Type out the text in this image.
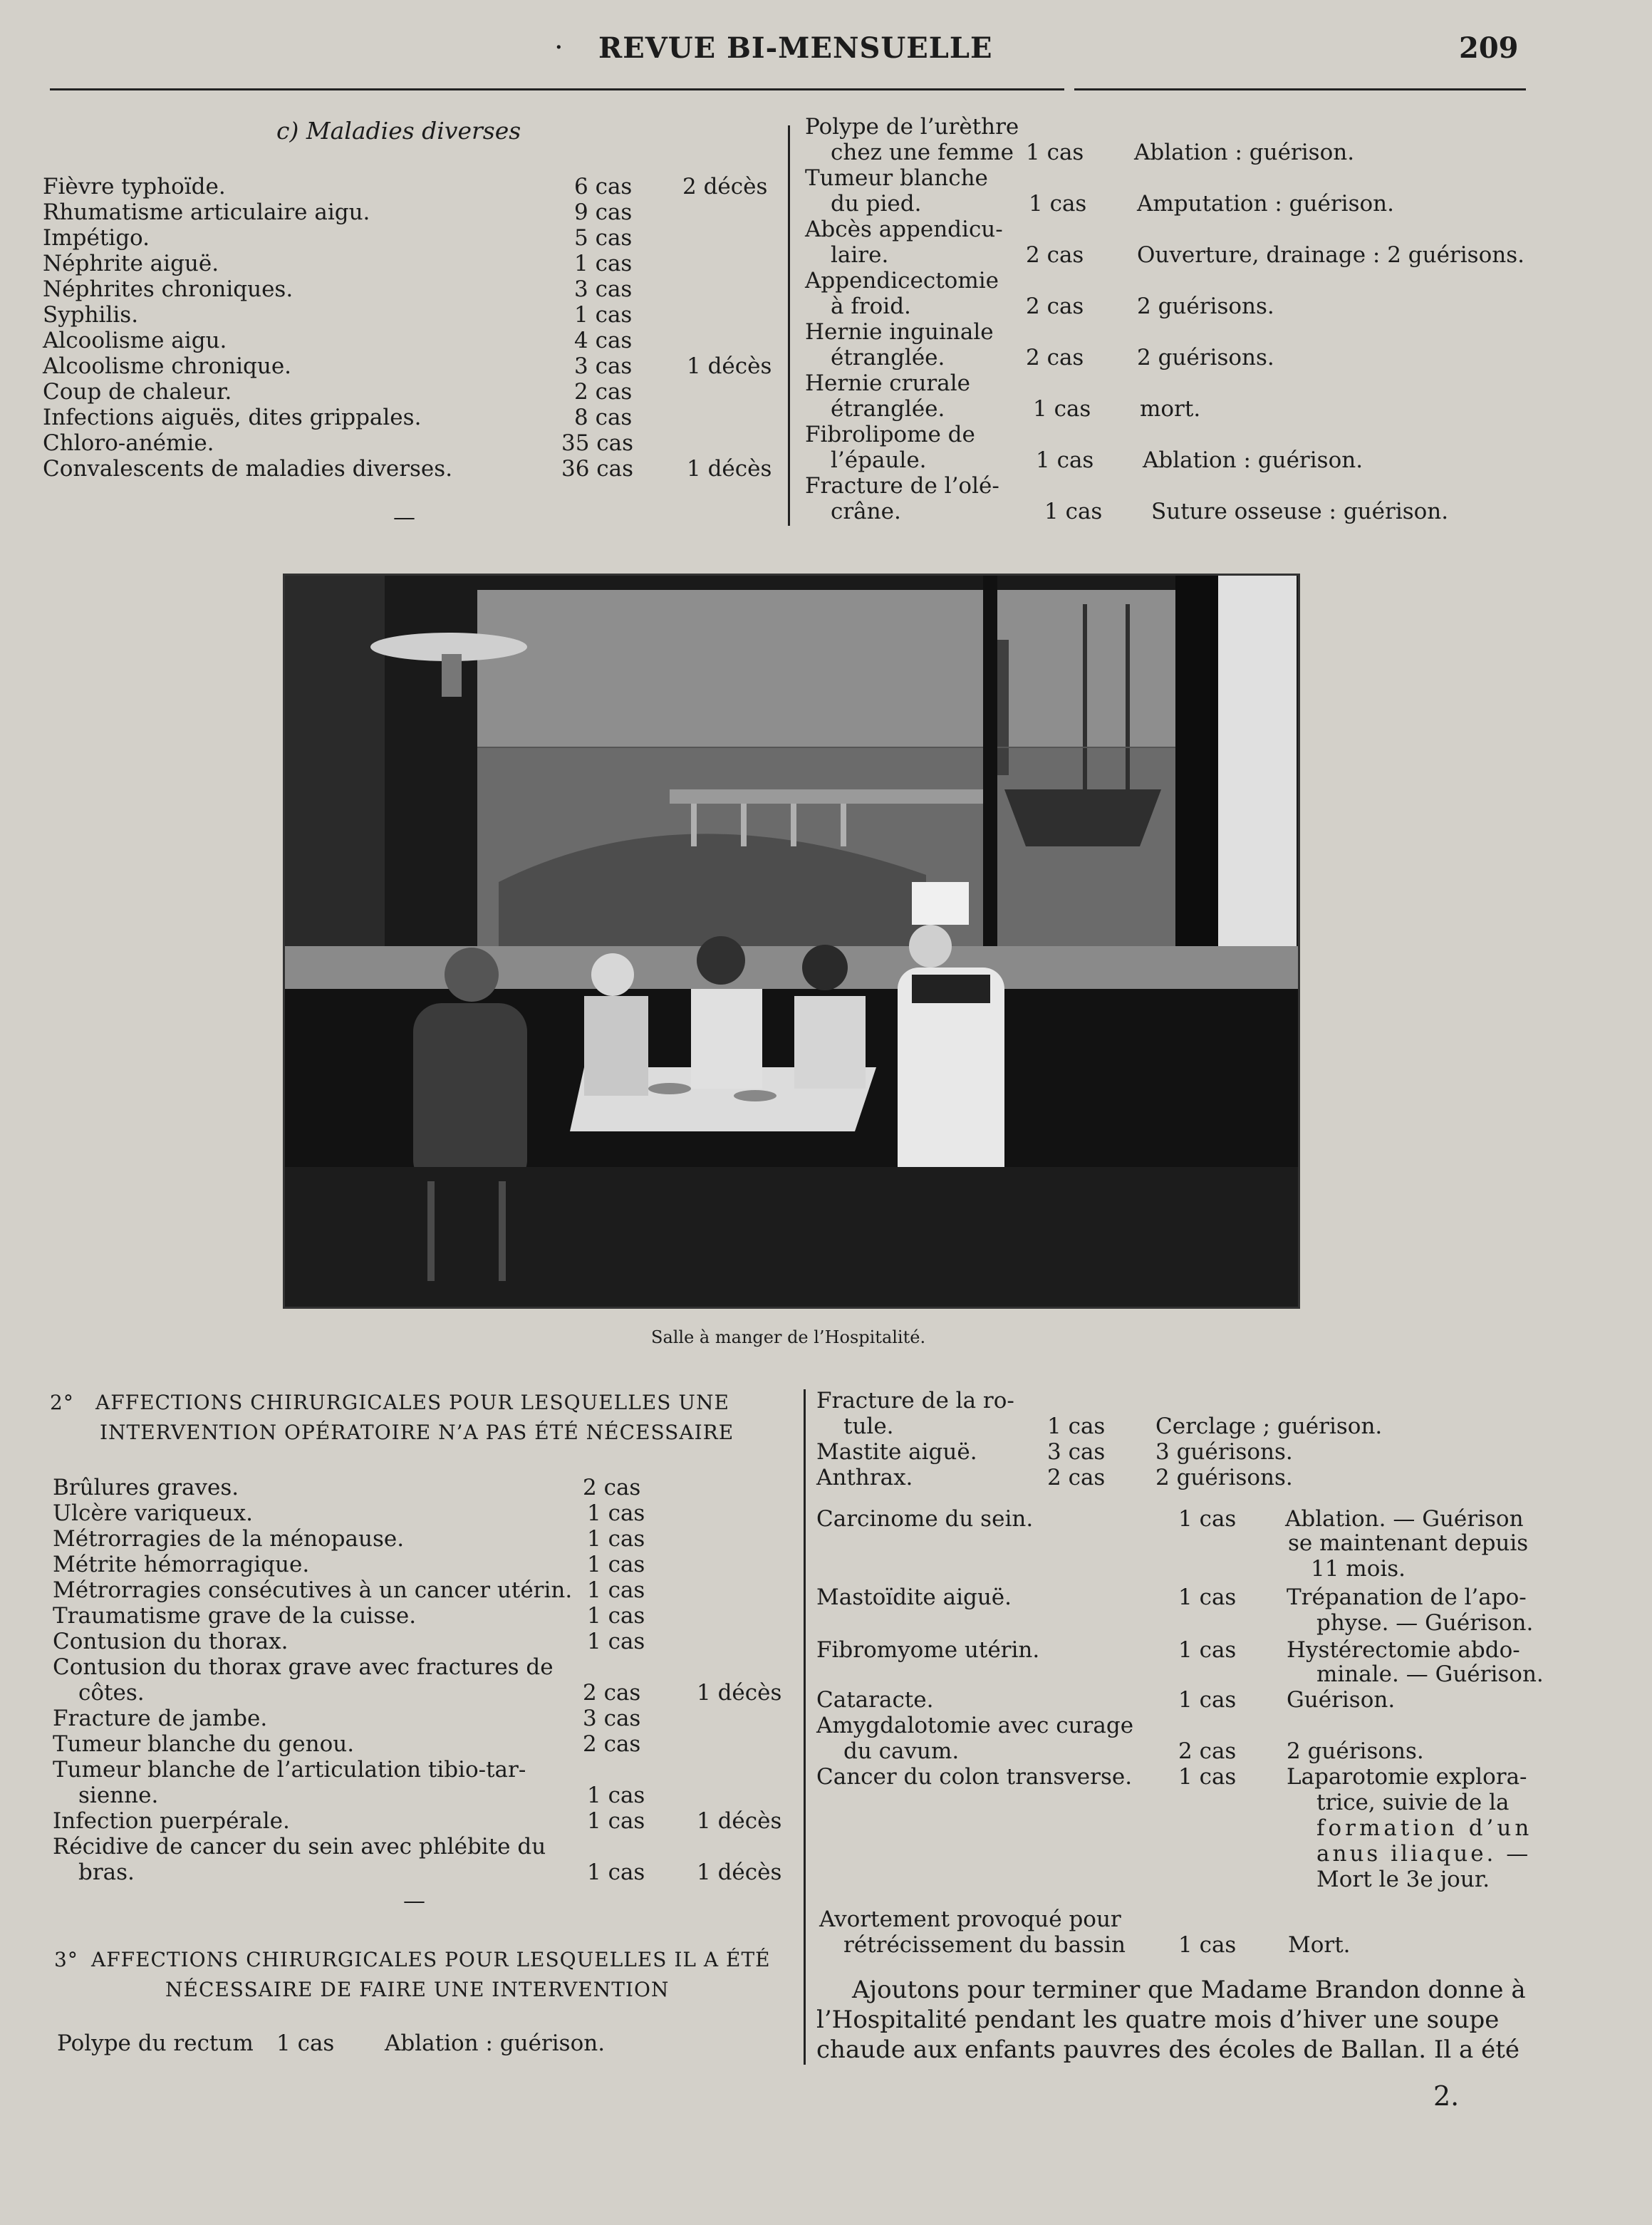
· REVUE BI-MENSUELLE	209
c) Maladies diverses
Fièvre typhoïde.	6 cas 2 décès
Rhumatisme articulaire aigu.	9 cas
Impétigo.	5 cas
Néphrite aiguë.	1 cas
Néphrites chroniques.	3 cas
Syphilis.	1 cas
Alcoolisme aigu.	4 cas
Alcoolisme chronique.	3 cas 1 décès
Coup de chaleur.	2 cas
Infections aiguës, dites grippales.	8 cas
Chloro-anémie.	35 cas
Convalescents de maladies diverses.	36 cas 1 décès
—
Polype de l’urèthre
chez une femme 1 cas Ablation : guérison.
Tumeur blanche
du pied.	1 cas Amputation : guérison.
Abcès appendicu-
laire.	2 cas Ouverture, drainage : 2 guérisons.
Appendicectomie
à froid.	2 cas 2 guérisons.
Hernie inguinale
étranglée.	2 cas 2 guérisons.
Hernie crurale
étranglée.	1 cas mort.
Fibrolipome de
l’épaule.	1 cas Ablation : guérison.
Fracture de l’olé-
crâne.	1 cas Suture osseuse : guérison.
Salle à manger de l’Hospitalité.
2° AFFECTIONS CHIRURGICALES POUR LESQUELLES UNE
INTERVENTION OPÉRATOIRE N’A PAS ÉTÉ NÉCESSAIRE
Brûlures graves.	2 cas
Ulcère variqueux.	1 cas
Métrorragies de la ménopause.	1 cas
Métrite hémorragique.	1 cas
Métrorragies consécutives à un cancer utérin. 1 cas
Traumatisme grave de la cuisse.	1 cas
Contusion du thorax.	1 cas
Contusion du thorax grave avec fractures de
côtes.	2 cas	1 décès
Fracture de jambe.	3 cas
Tumeur blanche du genou.	2 cas
Tumeur blanche de l’articulation tibio-tar-
sienne.	1 cas
Infection puerpérale.	1 cas 1 décès
Récidive de cancer du sein avec phlébite du
bras.	1 cas 1 décès
—
3° AFFECTIONS CHIRURGICALES POUR LESQUELLES IL A ÉTÉ
NÉCESSAIRE DE FAIRE UNE INTERVENTION
Polype du rectum 1 cas Ablation : guérison.
Fracture de la ro-
tule.	1 cas Cerclage ; guérison.
Mastite aiguë.	3 cas 3 guérisons.
Anthrax.	2 cas 2 guérisons.
Carcinome du sein.	1 cas Ablation. — Guérison
se maintenant depuis
11 mois.
Mastoïdite aiguë.	1 cas Trépanation de l’apo-
physe. — Guérison.
Fibromyome utérin.	1 cas Hystérectomie abdo-
minale. — Guérison.
Cataracte.	1 cas Guérison.
Amygdalotomie avec curage
du cavum.	2 cas 2 guérisons.
Cancer du colon transverse. 1 cas Laparotomie explora-
trice, suivie de la
formation d’un
anus iliaque. —
Mort le 3e jour.
Avortement provoqué pour
rétrécissement du bassin 1 cas Mort.
Ajoutons pour terminer que Madame Brandon donne à
l’Hospitalité pendant les quatre mois d’hiver une soupe
chaude aux enfants pauvres des écoles de Ballan. Il a été
2.
